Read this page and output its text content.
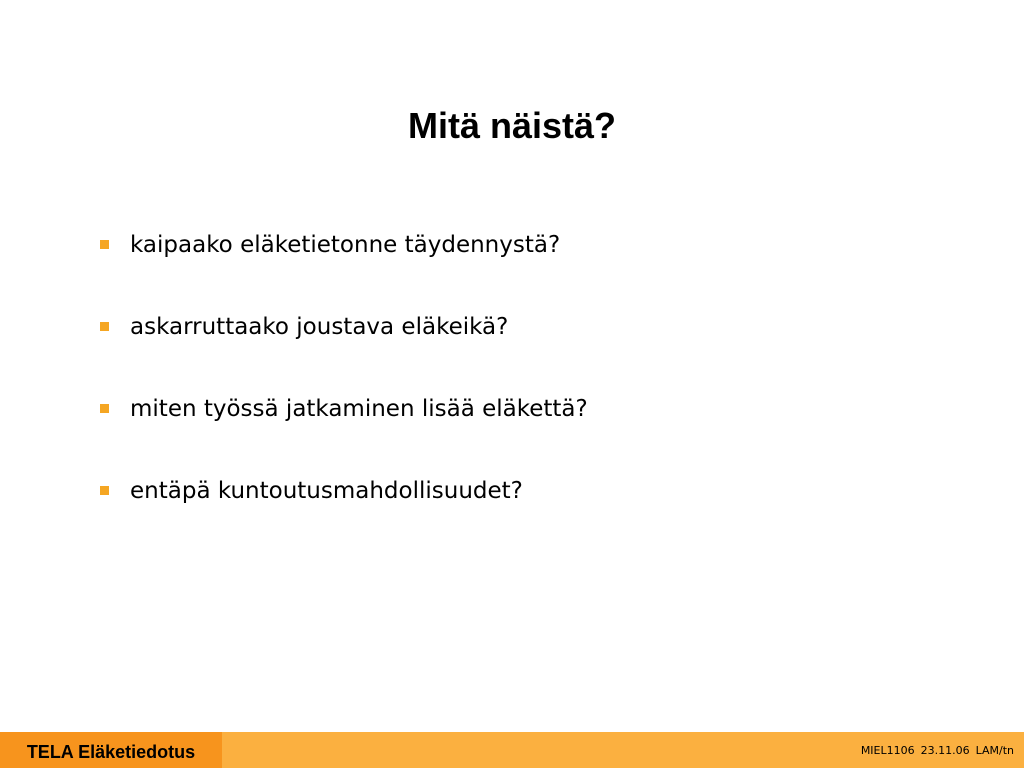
Mitä näistä?
kaipaako eläketietonne täydennystä?
askarruttaako joustava eläkeikä?
miten työssä jatkaminen lisää eläkettä?
entäpä kuntoutusmahdollisuudet?
TELA Eläketiedotus	MIEL1106 23.11.06 LAM/tn
